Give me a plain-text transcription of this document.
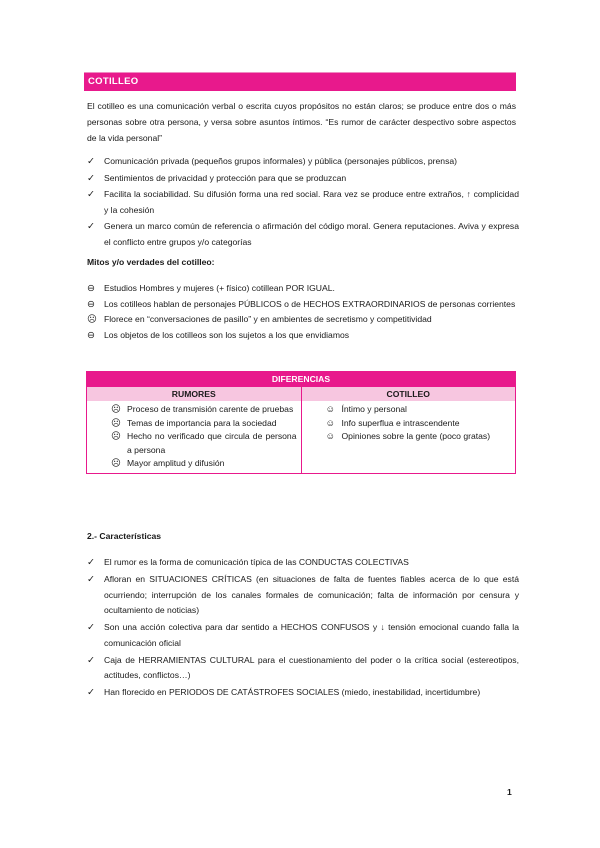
COTILLEO
El cotilleo es una comunicación verbal o escrita cuyos propósitos no están claros; se produce entre dos o más personas sobre otra persona, y versa sobre asuntos íntimos. “Es rumor de carácter despectivo sobre aspectos de la vida personal”
✓ Comunicación privada (pequeños grupos informales) y pública (personajes públicos, prensa)
✓ Sentimientos de privacidad y protección para que se produzcan
✓ Facilita la sociabilidad. Su difusión forma una red social. Rara vez se produce entre extraños, ↑ complicidad y la cohesión
✓ Genera un marco común de referencia o afirmación del código moral. Genera reputaciones. Aviva y expresa el conflicto entre grupos y/o categorías
Mitos y/o verdades del cotilleo:
⊖ Estudios Hombres y mujeres (+ físico) cotillean POR IGUAL.
⊖ Los cotilleos hablan de personajes PÚBLICOS o de HECHOS EXTRAORDINARIOS de personas corrientes
☹ Florece en “conversaciones de pasillo” y en ambientes de secretismo y competitividad
⊖ Los objetos de los cotilleos son los sujetos a los que envidiamos
DIFERENCIAS
RUMORES	COTILLEO
☹ Proceso de transmisión carente de pruebas
☹ Temas de importancia para la sociedad
☹ Hecho no verificado que circula de persona a persona
☹ Mayor amplitud y difusión
☺ Íntimo y personal
☺ Info superflua e intrascendente
☺ Opiniones sobre la gente (poco gratas)
2.- Características
✓ El rumor es la forma de comunicación típica de las CONDUCTAS COLECTIVAS
✓ Afloran en SITUACIONES CRÍTICAS (en situaciones de falta de fuentes fiables acerca de lo que está ocurriendo; interrupción de los canales formales de comunicación; falta de información por censura y ocultamiento de noticias)
✓ Son una acción colectiva para dar sentido a HECHOS CONFUSOS y ↓ tensión emocional cuando falla la comunicación oficial
✓ Caja de HERRAMIENTAS CULTURAL para el cuestionamiento del poder o la crítica social (estereotipos, actitudes, conflictos…)
✓ Han florecido en PERIODOS DE CATÁSTROFES SOCIALES (miedo, inestabilidad, incertidumbre)
1
